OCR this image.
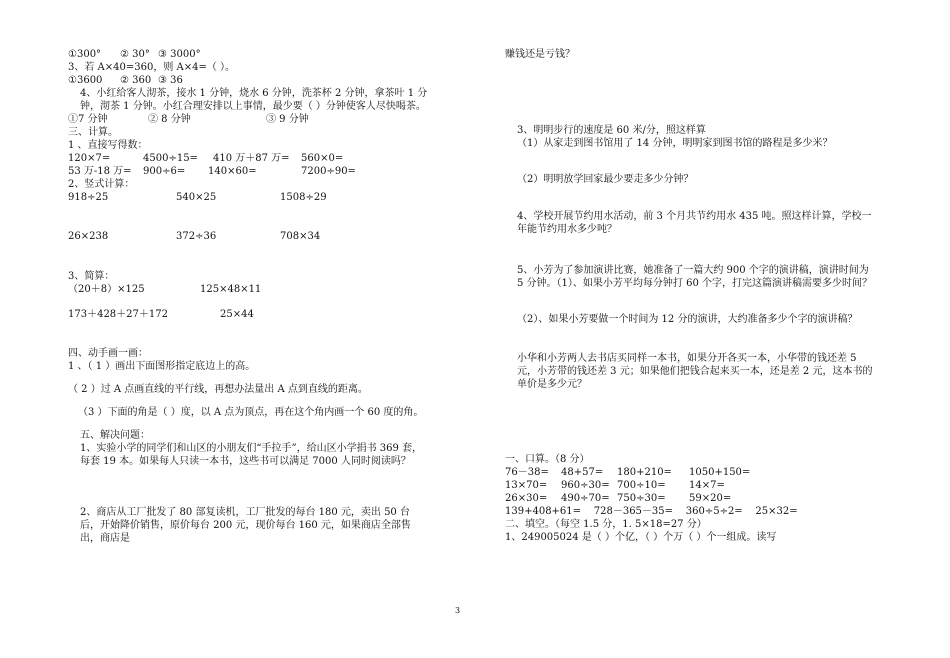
①300°	② 30° ③ 3000°
3、若 A×40=360，则 A×4=（ ）。
①3600	② 360 ③ 36
4、小红给客人沏茶，接水 1 分钟，烧水 6 分钟，洗茶杯 2 分钟，拿茶叶 1 分钟，沏茶 1 分钟。小红合理安排以上事情，最少要（ ）分钟使客人尽快喝茶。
①7 分钟	② 8 分钟	③ 9 分钟
三、计算。
1 、直接写得数：
120×7=	4500÷15=	410 万＋87 万=	560×0=
53 万-18 万=	900÷6=	140×60=	7200÷90=
2、竖式计算：
918÷25	540×25	1508÷29
26×238	372÷36	708×34
3、简算：
（20＋8）×125	125×48×11
173＋428＋27＋172	25×44
四、动手画一画：
1 、（ 1 ）画出下面图形指定底边上的高。
（ 2 ）过 A 点画直线的平行线，再想办法量出 A 点到直线的距离。
（3 ）下面的角是（ ）度，以 A 点为顶点，再在这个角内画一个 60 度的角。
五、解决问题：
1、实验小学的同学们和山区的小朋友们“手拉手”，给山区小学捐书 369 套，每套 19 本。如果每人只读一本书，这些书可以满足 7000 人同时阅读吗？
2、商店从工厂批发了 80 部复读机，工厂批发的每台 180 元，卖出 50 台后，开始降价销售，原价每台 200 元，现价每台 160 元，如果商店全部售出，商店是
赚钱还是亏钱？
3、明明步行的速度是 60 米/分，照这样算
（1）从家走到图书馆用了 14 分钟，明明家到图书馆的路程是多少米？
（2）明明放学回家最少要走多少分钟？
4、学校开展节约用水活动，前 3 个月共节约用水 435 吨。照这样计算，学校一年能节约用水多少吨？
5、小芳为了参加演讲比赛，她准备了一篇大约 900 个字的演讲稿，演讲时间为 5 分钟。（1）、如果小芳平均每分钟打 60 个字，打完这篇演讲稿需要多少时间？
（2）、如果小芳要做一个时间为 12 分的演讲，大约准备多少个字的演讲稿？
小华和小芳两人去书店买同样一本书，如果分开各买一本，小华带的钱还差 5 元，小芳带的钱还差 3 元；如果他们把钱合起来买一本，还是差 2 元，这本书的单价是多少元？
一、口算。（8 分）
76－38=	48+57=	180+210=	1050+150=
13×70=	960÷30= 700÷10=	14×7=
26×30=	490÷70= 750÷30=	59×20=
139+408+61=    728－365－35=    360÷5÷2=    25×32=
二、填空。（每空 1.5 分，1. 5×18=27 分）
1、249005024 是（ ）个亿，（ ）个万（ ）个一组成。读写
3
